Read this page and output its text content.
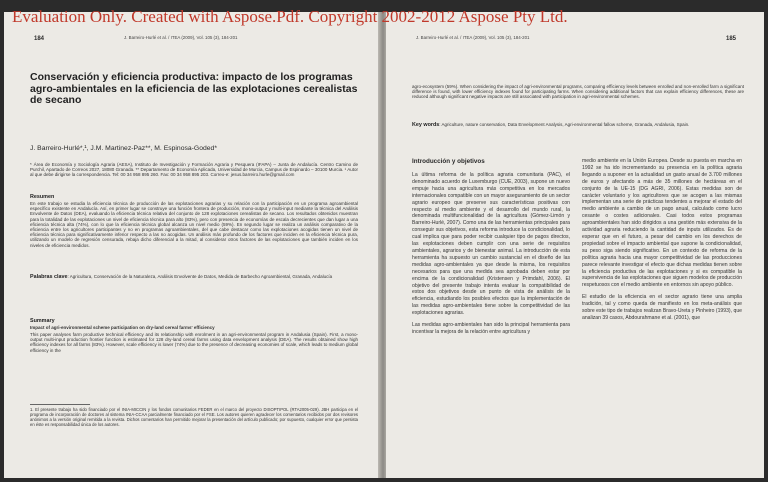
184	J. Barreiro-Hurlé et al. / ITEA (2009), Vol. 105 (3), 184-201
Conservación y eficiencia productiva: impacto de los programas agro-ambientales en la eficiencia de las explotaciones cerealistas de secano
J. Barreiro-Hurlé*,¹, J.M. Martinez-Paz**, M. Espinosa-Goded*
* Área de Economía y Sociología Agraria (AESA), Instituto de Investigación y Formación Agraria y Pesquera (IFAPA) – Junta de Andalucía. Centro Camino de Purchil, Apartado de Correos 2027, 18080 Granada. ** Departamento de Economía Aplicada, Universidad de Murcia, Campus de Espinardo – 30100 Murcia. ¹ Autor al que debe dirigirse la correspondencia. Tel: 00 34 958 895 260. Fax: 00 34 958 895 203. Correo-e: jesus.barreiro.hurle@gmail.com
Resumen
En este trabajo se estudia la eficiencia técnica de producción de las explotaciones agrarias y su relación con la participación en un programa agroambiental específico existente en Andalucía. Así, en primer lugar se construye una función frontera de producción, mono-output y multi-input mediante la técnica del Análisis Envolvente de Datos (DEA), evaluando la eficiencia técnica relativa del conjunto de 128 explotaciones cerealistas de secano. Los resultados obtenidos muestran para la totalidad de las explotaciones un nivel de eficiencia técnica para alto (83%), pero con presencia de economías de escala decrecientes que dan lugar a una eficiencia técnica alta (74%), con lo que la eficiencia técnica global alcanza un nivel medio (59%). En segundo lugar se realiza un análisis comparativo de la eficiencia entre los agricultores participantes y no en programas agroambientales, del que cabe destacar como las explotaciones acogidas tienen un nivel de eficiencia técnica para significativamente inferior respecto a las no acogidas. Un análisis más profundo de los factores que inciden en la eficiencia técnica pura, utilizando un modelo de regresión censurada, rebaja dicho diferencial a la mitad, al considerar otros factores de las explotaciones que también inciden en los niveles de eficiencia medidos.
Palabras clave: Agricultura, Conservación de la Naturaleza, Análisis Envolvente de Datos, Medida de Barbecho Agroambiental, Granada, Andalucía
Summary
Impact of agri-environmental scheme participation on dry-land cereal farms' efficiency
This paper analyses farm productive technical efficiency and its relationship with enrolment in an agri-environmental program in Andalusia (Spain). First, a mono-output multi-input production frontier function is estimated for 128 dry-land cereal farms using data envelopment analysis (DEA). The results obtained show high efficiency indexes for all farms (83%). However, scale efficiency is lower (74%) due to the presence of decreasing economies of scale, which leads to medium global efficiency in the
1. El presente trabajo ha sido financiado por el INIA-MICCIN y los fondos comunitarios FEDER en el marco del proyecto DISOPTIPOL (RTA2005-029). JBH participa en el programa de incorporación de doctores al sistema INIA-CCAA parcialmente financiado por el FSE. Los autores quieren agradecer los comentarios recibidos por dos revisores anónimos a la versión original remitida a la revista. Dichos comentarios han permitido mejorar la presentación del artículo publicado; por supuesto, cualquier error que persista en éste es responsabilidad única de los autores.
J. Barreiro-Hurlé et al. / ITEA (2009), Vol. 105 (3), 184-201	185
agro-ecosystem (59%). When considering the impact of agri-environmental programs, comparing efficiency levels between enrolled and non-enrolled farm a significant difference is found, with lower efficiency indexes found for participating farms. When considering additional factors that can explain efficiency differences, these are reduced although significant negative impacts are still associated with participation in agri-environmental schemes.
Key words: Agriculture, nature conservation, Data Envelopment Analysis, Agri-environmental fallow scheme, Granada, Andalusia, Spain.
Introducción y objetivos

La última reforma de la política agraria comunitaria (PAC), el denominado acuerdo de Luxemburgo (CUE, 2003), supone un nuevo empuje hacia una agricultura más competitiva en los mercados internacionales compatible con un mayor aseguramiento de un sector agrario europeo que preserve sus características positivas con respecto al medio ambiente y el desarrollo del mundo rural, la denominada multifuncionalidad de la agricultura (Gómez-Limón y Barreiro-Hurlé, 2007). Como una de las herramientas principales para conseguir sus objetivos, esta reforma introduce la condicionalidad, lo cual implica que para poder recibir cualquier tipo de pagos directos, las explotaciones deben cumplir con una serie de requisitos ambientales, agrarios y de bienestar animal. La introducción de esta herramienta ha supuesto un cambio sustancial en el diseño de las medidas agro-ambientales ya que desde la misma, los requisitos necesarios para que una medida sea aprobada deben estar por encima de la condicionalidad (Kristensen y Primdahl, 2006). El objetivo del presente trabajo intenta evaluar la compatibilidad de estos dos objetivos desde un punto de vista de análisis de la eficiencia, estudiando los posibles efectos que la implementación de las medidas agro-ambientales tiene sobre la competitividad de las explotaciones agrarias.

Las medidas agro-ambientales han sido la principal herramienta para incentivar la mejora de la relación entre agricultura y

medio ambiente en la Unión Europea. Desde su puesta en marcha en 1992 se ha ido incrementando su presencia en la política agraria llegando a suponer en la actualidad un gasto anual de 3.700 millones de euros y afectando a más de 35 millones de hectáreas en el conjunto de la UE-15 (DG AGRI, 2006). Estas medidas son de carácter voluntario y los agricultores que se acogen a las mismas implementan una serie de prácticas tendentes a mejorar el estado del medio ambiente a cambio de un pago anual, calculado como lucro cesante o costes adicionales. Casi todos estos programas agroambientales han sido dirigidos a una gestión más extensiva de la actividad agraria reduciendo la cantidad de inputs utilizados. Es de esperar que en el futuro, a pesar del cambio en los derechos de propiedad sobre el impacto ambiental que supone la condicionalidad, su peso siga siendo significativo. En un contexto de reforma de la política agraria hacia una mayor competitividad de las producciones parece relevante investigar el efecto que dichas medidas tienen sobre la eficiencia productiva de las explotaciones y si es compatible la supervivencia de las explotaciones que siguen modelos de producción respetuosos con el medio ambiente en entornos sin apoyo público.

El estudio de la eficiencia en el sector agrario tiene una amplia tradición, tal y como queda de manifiesto en los meta-análisis que sobre este tipo de trabajos realizan Bravo-Ureta y Pinheiro (1993), que analizan 39 casos, Abdourahmane et al. (2001), que

Evaluation Only. Created with Aspose.Pdf. Copyright 2002-2012 Aspose Pty Ltd.
